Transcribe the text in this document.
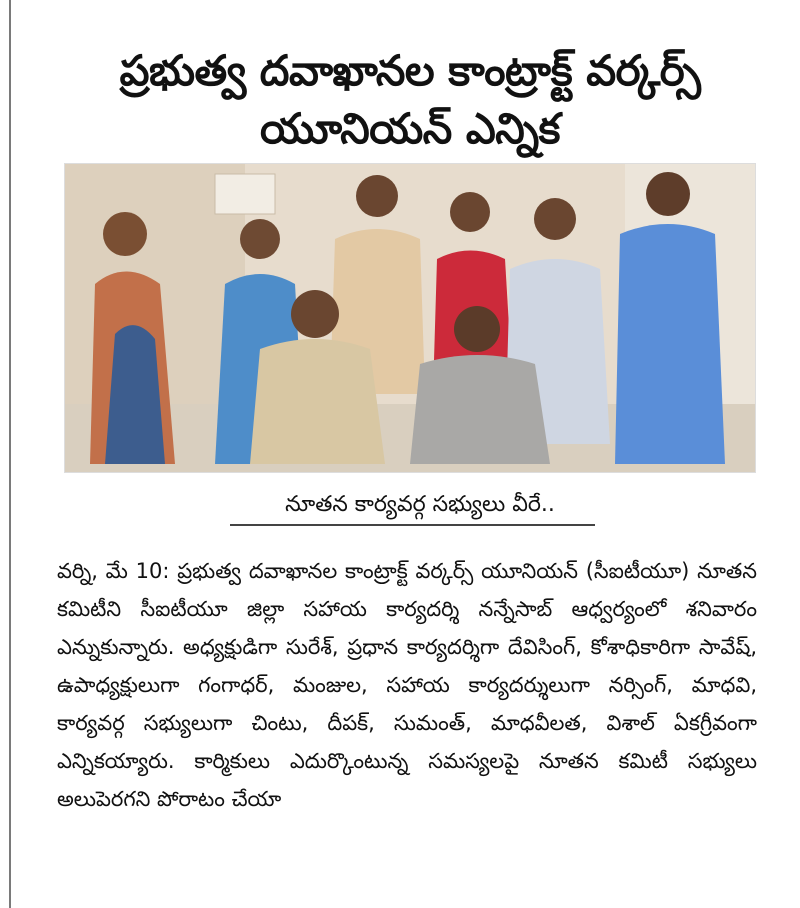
ప్రభుత్వ దవాఖానల కాంట్రాక్ట్ వర్కర్స్ యూనియన్ ఎన్నిక
నూతన కార్యవర్గ సభ్యులు వీరే..

వర్ని, మే 10: ప్రభుత్వ దవాఖానల కాంట్రాక్ట్ వర్కర్స్ యూనియన్ (సీఐటీయూ) నూతన కమిటీని సీఐటీయూ జిల్లా సహాయ కార్యదర్శి నన్నేసాబ్ ఆధ్వర్యంలో శనివారం ఎన్నుకున్నారు. అధ్యక్షుడిగా సురేశ్, ప్రధాన కార్యదర్శిగా దేవిసింగ్, కోశాధికారిగా సావేష్, ఉపాధ్యక్షులుగా గంగాధర్, మంజుల, సహాయ కార్యదర్శులుగా నర్సింగ్, మాధవి, కార్యవర్గ సభ్యులుగా చింటు, దీపక్, సుమంత్, మాధవీలత, విశాల్ ఏకగ్రీవంగా ఎన్నికయ్యారు. కార్మికులు ఎదుర్కొంటున్న సమస్యలపై నూతన కమిటీ సభ్యులు అలుపెరగని పోరాటం చేయా
